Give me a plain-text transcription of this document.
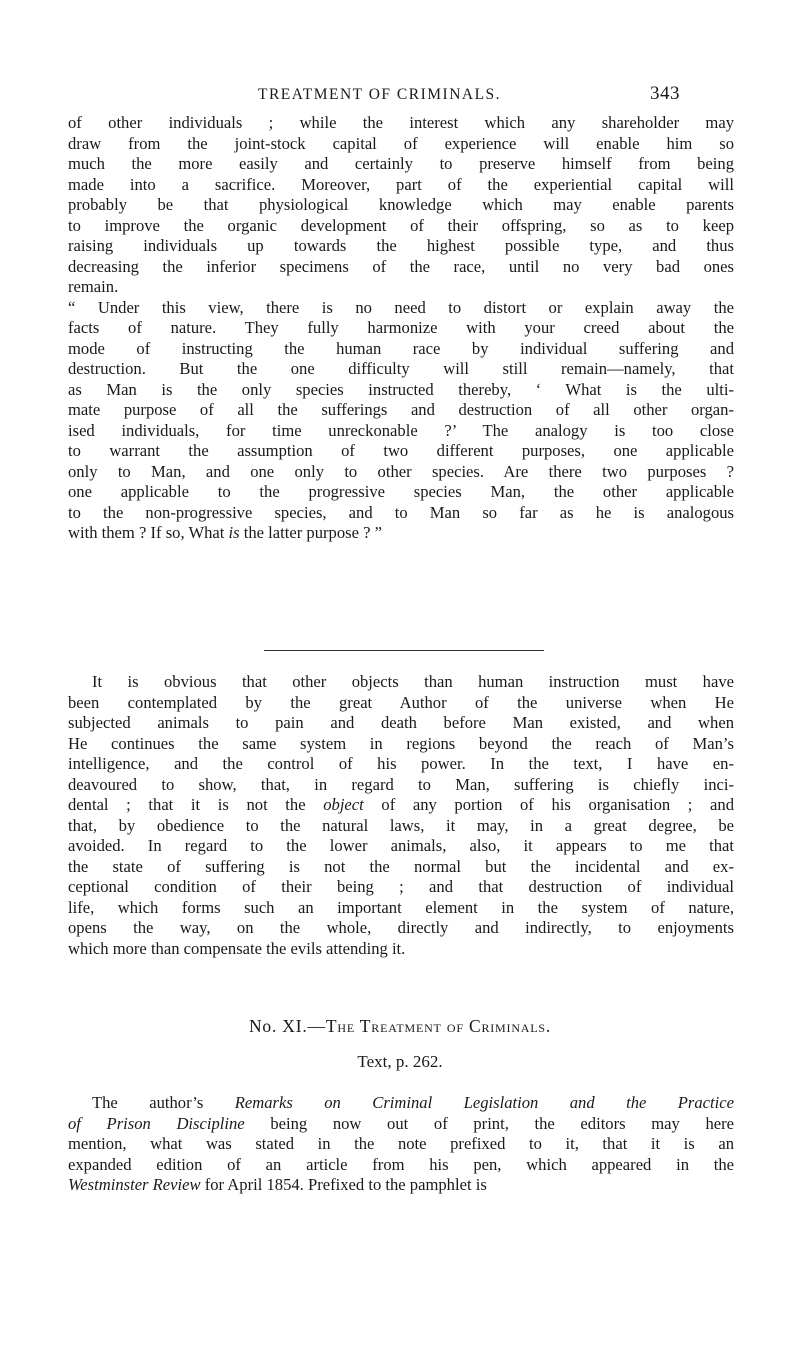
TREATMENT OF CRIMINALS.	343
of other individuals ; while the interest which any shareholder may
draw from the joint-stock capital of experience will enable him so
much the more easily and certainly to preserve himself from being
made into a sacrifice. Moreover, part of the experiential capital will
probably be that physiological knowledge which may enable parents
to improve the organic development of their offspring, so as to keep
raising individuals up towards the highest possible type, and thus
decreasing the inferior specimens of the race, until no very bad ones
remain.
“ Under this view, there is no need to distort or explain away the
facts of nature. They fully harmonize with your creed about the
mode of instructing the human race by individual suffering and
destruction. But the one difficulty will still remain—namely, that
as Man is the only species instructed thereby, ‘ What is the ulti-
mate purpose of all the sufferings and destruction of all other organ-
ised individuals, for time unreckonable ?’ The analogy is too close
to warrant the assumption of two different purposes, one applicable
only to Man, and one only to other species. Are there two purposes ?
one applicable to the progressive species Man, the other applicable
to the non-progressive species, and to Man so far as he is analogous
with them ? If so, What is the latter purpose ? ”
It is obvious that other objects than human instruction must have
been contemplated by the great Author of the universe when He
subjected animals to pain and death before Man existed, and when
He continues the same system in regions beyond the reach of Man’s
intelligence, and the control of his power. In the text, I have en-
deavoured to show, that, in regard to Man, suffering is chiefly inci-
dental ; that it is not the object of any portion of his organisation ; and
that, by obedience to the natural laws, it may, in a great degree, be
avoided. In regard to the lower animals, also, it appears to me that
the state of suffering is not the normal but the incidental and ex-
ceptional condition of their being ; and that destruction of individual
life, which forms such an important element in the system of nature,
opens the way, on the whole, directly and indirectly, to enjoyments
which more than compensate the evils attending it.
No. XI.—The Treatment of Criminals.
Text, p. 262.
The author’s Remarks on Criminal Legislation and the Practice
of Prison Discipline being now out of print, the editors may here
mention, what was stated in the note prefixed to it, that it is an
expanded edition of an article from his pen, which appeared in the
Westminster Review for April 1854. Prefixed to the pamphlet is
